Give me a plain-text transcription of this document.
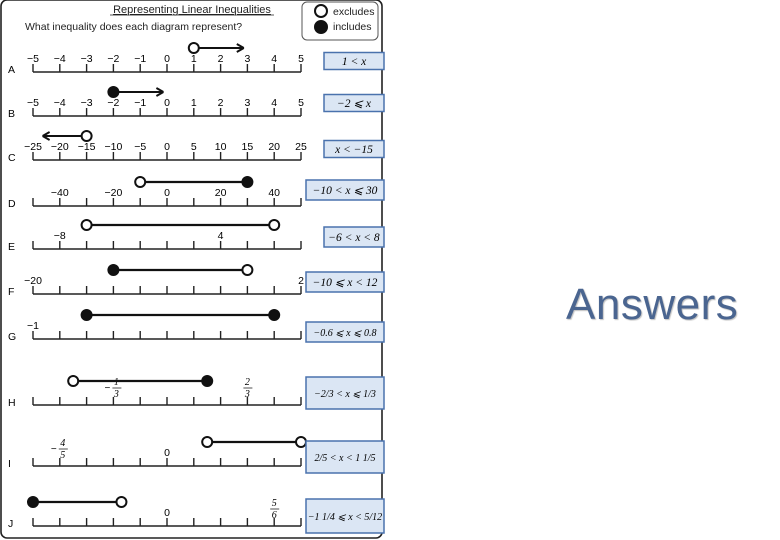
Representing Linear Inequalities
What inequality does each diagram represent?
excludes
includes
A
−5 −4 −3 −2 −1 0 1 2 3 4 5	1 < x
B
−5 −4 −3 −2 −1 0 1 2 3 4 5	−2 ⩽ x
C
−25 −20 −15 −10 −5 0 5 10 15 20 25 x < −15
D
−40	−20	0	20	40	−10 < x ⩽ 30
E
−8	4	−6 < x < 8
F
−20	2 −10 ⩽ x < 12
G
−1
−0.6 ⩽ x ⩽ 0.8
H
1
3
−
2
3	−2/3 < x ⩽ 1/3
I
4
5
−	0	2/5 < x < 1 1/5
J
0
5
6	−1 1/4 ⩽ x < 5/12
Answers
